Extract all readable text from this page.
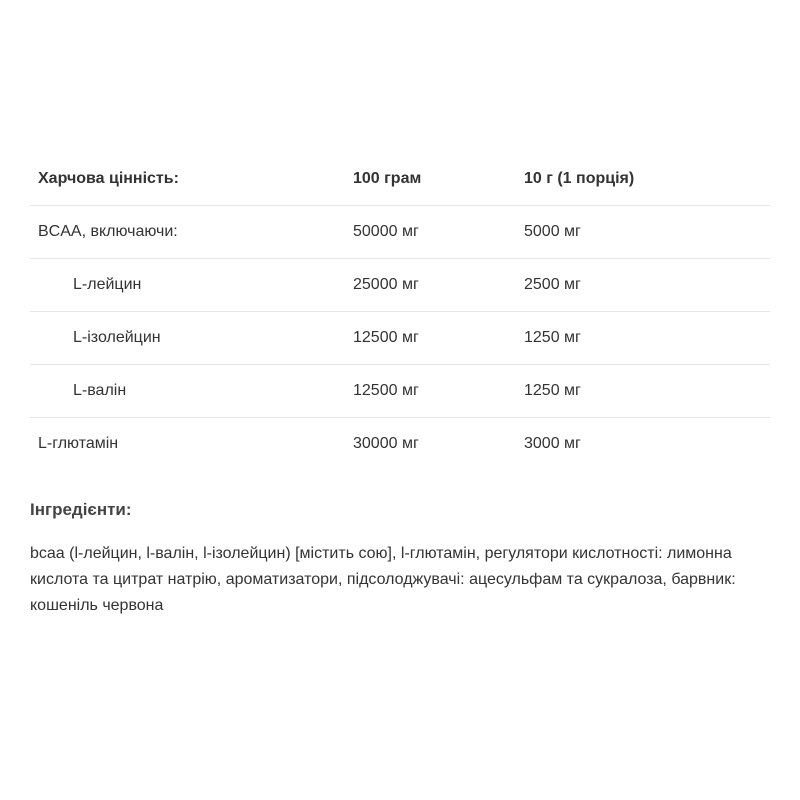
Харчова цінність:	100 грам	10 г (1 порція)
BCAA, включаючи:	50000 мг	5000 мг
L-лейцин	25000 мг	2500 мг
L-ізолейцин	12500 мг	1250 мг
L-валін	12500 мг	1250 мг
L-глютамін	30000 мг	3000 мг
Інгредієнти:
bcaa (l-лейцин, l-валін, l-ізолейцин) [містить сою], l-глютамін, регулятори кислотності: лимонна кислота та цитрат натрію, ароматизатори, підсолоджувачі: ацесульфам та сукралоза, барвник: кошеніль червона
